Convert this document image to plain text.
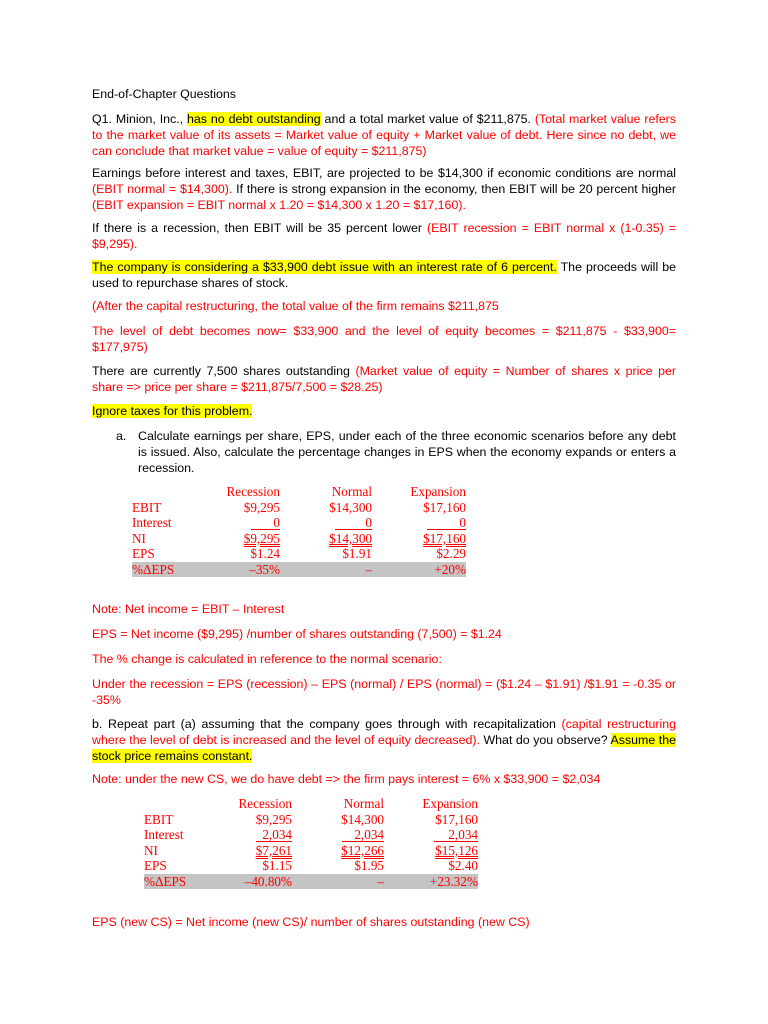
End-of-Chapter Questions

Q1. Minion, Inc., has no debt outstanding and a total market value of $211,875. (Total market value refers to the market value of its assets = Market value of equity + Market value of debt. Here since no debt, we can conclude that market value = value of equity = $211,875)

Earnings before interest and taxes, EBIT, are projected to be $14,300 if economic conditions are normal (EBIT normal = $14,300). If there is strong expansion in the economy, then EBIT will be 20 percent higher (EBIT expansion = EBIT normal x 1.20 = $14,300 x 1.20 = $17,160).

If there is a recession, then EBIT will be 35 percent lower (EBIT recession = EBIT normal x (1-0.35) = $9,295).

The company is considering a $33,900 debt issue with an interest rate of 6 percent. The proceeds will be used to repurchase shares of stock.

(After the capital restructuring, the total value of the firm remains $211,875

The level of debt becomes now= $33,900 and the level of equity becomes = $211,875 - $33,900= $177,975)

There are currently 7,500 shares outstanding (Market value of equity = Number of shares x price per share => price per share = $211,875/7,500 = $28.25)

Ignore taxes for this problem.

a. Calculate earnings per share, EPS, under each of the three economic scenarios before any debt is issued. Also, calculate the percentage changes in EPS when the economy expands or enters a recession.

	Recession	Normal	Expansion
EBIT	$9,295	$14,300	$17,160
Interest	0	0	0
NI	$9,295	$14,300	$17,160
EPS	$1.24	$1.91	$2.29
%ΔEPS	–35%	–	+20%

Note: Net income = EBIT – Interest

EPS = Net income ($9,295) /number of shares outstanding (7,500) = $1.24

The % change is calculated in reference to the normal scenario:

Under the recession = EPS (recession) – EPS (normal) / EPS (normal) = ($1.24 – $1.91) /$1.91 = -0.35 or -35%

b. Repeat part (a) assuming that the company goes through with recapitalization (capital restructuring where the level of debt is increased and the level of equity decreased). What do you observe? Assume the stock price remains constant.

Note: under the new CS, we do have debt => the firm pays interest = 6% x $33,900 = $2,034

	Recession	Normal	Expansion
EBIT	$9,295	$14,300	$17,160
Interest	2,034	2,034	2,034
NI	$7,261	$12,266	$15,126
EPS	$1.15	$1.95	$2.40
%ΔEPS	–40.80%	–	+23.32%

EPS (new CS) = Net income (new CS)/ number of shares outstanding (new CS)
